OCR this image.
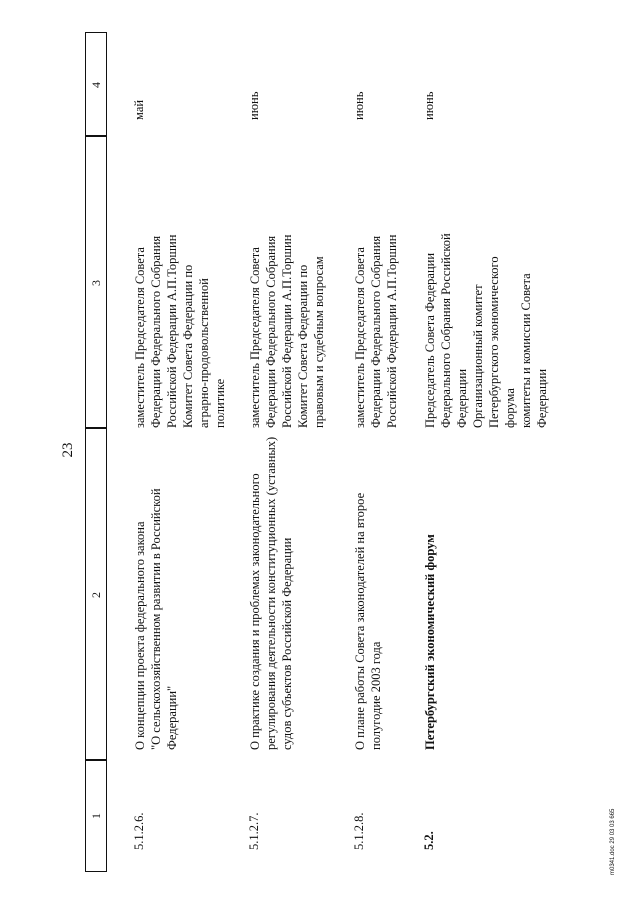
23
1
2
3
4
5.1.2.6.
О концепции проекта федерального закона "О сельскохозяйственном развитии в Российской Федерации"
заместитель Председателя Совета Федерации Федерального Собрания Российской Федерации А.П.Торшин Комитет Совета Федерации по аграрно-продовольственной политике
май
5.1.2.7.
О практике создания и проблемах законодательного регулирования деятельности конституционных (уставных) судов субъектов Российской Федерации
заместитель Председателя Совета Федерации Федерального Собрания Российской Федерации А.П.Торшин Комитет Совета Федерации по правовым и судебным вопросам
июнь
5.1.2.8.
О плане работы Совета законодателей на второе полугодие 2003 года
заместитель Председателя Совета Федерации Федерального Собрания Российской Федерации А.П.Торшин
июнь
5.2.
Петербургский экономический форум
Председатель Совета Федерации Федерального Собрания Российской Федерации Организационный комитет Петербургского экономического форума комитеты и комиссии Совета Федерации
июнь
m0341.doc 29 03 03 665
